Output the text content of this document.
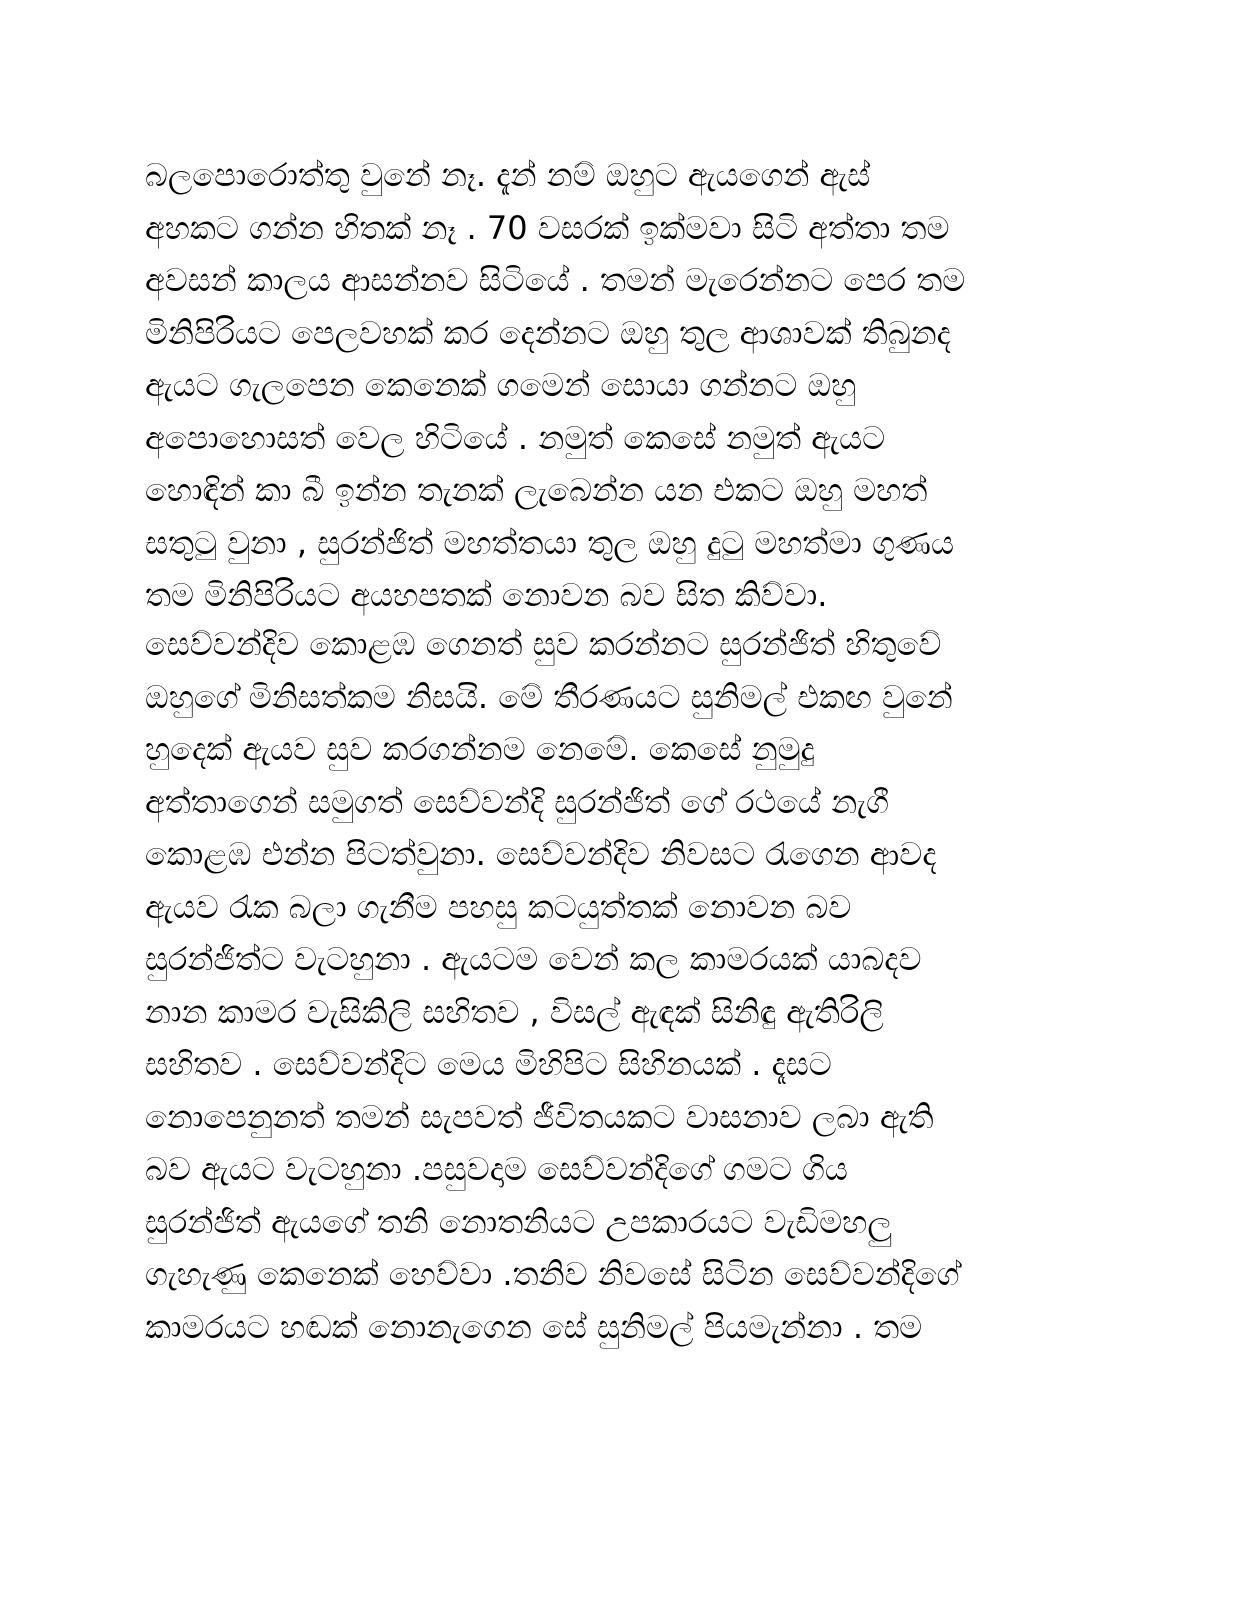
බලපොරොත්තු වුනේ නෑ. දැන් නම් ඔහුට ඇයගෙන් ඇස්
අහකට ගන්න හිතක් නෑ . 70 වසරක් ඉක්මවා සිටි අත්තා තම
අවසන් කාලය ආසන්නව සිටියේ . තමන් මැරෙන්නට පෙර තම
මිනිපිරියට පෙලවහක් කර දෙන්නට ඔහු තුල ආශාවක් තිබුනද
ඇයට ගැලපෙන කෙනෙක් ගමෙන් සොයා ගන්නට ඔහු
අපොහොසත් වෙල හිටියේ . නමුත් කෙසේ නමුත් ඇයට
හොඳින් කා බී ඉන්න තැනක් ලැබෙන්න යන එකට ඔහු මහත්
සතුටු වුනා , සුරන්ජිත් මහත්තයා තුල ඔහු දුටු මහත්මා ගුණය
තම මිනිපිරියට අයහපතක් නොවන බව සිත කිව්වා.
සෙව්වන්දිව කොළඹ ගෙනත් සුව කරන්නට සුරන්ජිත් හිතුවේ
ඔහුගේ මිනිසත්කම නිසයි. මේ තීරණයට සුනිමල් එකඟ වුනේ
හුදෙක් ඇයව සුව කරගන්නම නෙමේ. කෙසේ නුමුදු
අත්තාගෙන් සමුගත් සෙව්වන්දි සුරන්ජිත් ගේ රථයේ නැගී
කොළඹ එන්න පිටත්වුනා. සෙව්වන්දිව නිවසට රැගෙන ආවද
ඇයව රැක බලා ගැනීම පහසු කටයුත්තක් නොවන බව
සුරන්ජිත්ට වැටහුනා . ඇයටම වෙන් කල කාමරයක් යාබදව
නාන කාමර වැසිකිලි සහිතව , විසල් ඇඳක් සිනිඳු ඇතිරිලි
සහිතව . සෙව්වන්දිට මෙය මිහිපිට සිහිනයක් . දෑසට
නොපෙනුනත් තමන් සැපවත් ජීවිතයකට වාසනාව ලබා ඇති
බව ඇයට වැටහුනා .පසුවදාම සෙව්වන්දිගේ ගමට ගිය
සුරන්ජිත් ඇයගේ තනි නොතනියට උපකාරයට වැඩිමහලු
ගැහැණු කෙනෙක් හෙව්වා .තනිව නිවසේ සිටින සෙව්වන්දිගේ
කාමරයට හඬක් නොනැගෙන සේ සුනිමල් පියමැන්නා . තම
